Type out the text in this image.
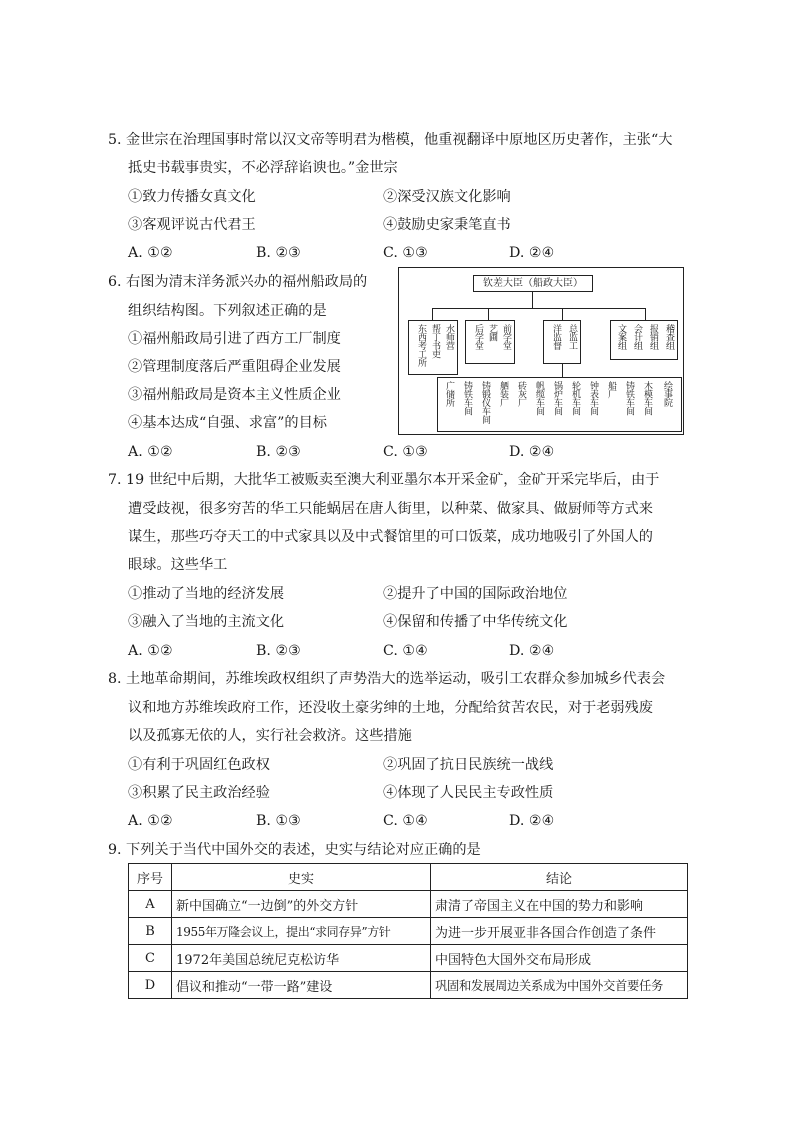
5. 金世宗在治理国事时常以汉文帝等明君为楷模，他重视翻译中原地区历史著作，主张“大
抵史书载事贵实，不必浮辞谄谀也。”金世宗
①致力传播女真文化	②深受汉族文化影响
③客观评说古代君王	④鼓励史家秉笔直书
A. ①②	B. ②③	C. ①③	D. ②④
6. 右图为清末洋务派兴办的福州船政局的
组织结构图。下列叙述正确的是
①福州船政局引进了西方工厂制度
②管理制度落后严重阻碍企业发展
③福州船政局是资本主义性质企业
④基本达成“自强、求富”的目标
A. ①②	B. ②③	C. ①③	D. ②④
钦差大臣（船政大臣）
水师营
帮丁书吏
东西考工所	前学堂
艺圃
后学堂	总监工
洋监督	稽查组
报销组
会计组
文案组
广储所 铸铁车间 铸锻仪车间 舾装厂 砖灰厂 帆缆车间 锅炉车间 轮机车间 钟表车间 船厂 铸铁车间 木模车间 绘事院
7. 19 世纪中后期，大批华工被贩卖至澳大利亚墨尔本开采金矿，金矿开采完毕后，由于
遭受歧视，很多穷苦的华工只能蜗居在唐人街里，以种菜、做家具、做厨师等方式来
谋生，那些巧夺天工的中式家具以及中式餐馆里的可口饭菜，成功地吸引了外国人的
眼球。这些华工
①推动了当地的经济发展	②提升了中国的国际政治地位
③融入了当地的主流文化	④保留和传播了中华传统文化
A. ①②	B. ②③	C. ①④	D. ②④
8. 土地革命期间，苏维埃政权组织了声势浩大的选举运动，吸引工农群众参加城乡代表会
议和地方苏维埃政府工作，还没收土豪劣绅的土地，分配给贫苦农民，对于老弱残废
以及孤寡无依的人，实行社会救济。这些措施
①有利于巩固红色政权	②巩固了抗日民族统一战线
③积累了民主政治经验	④体现了人民民主专政性质
A. ①②	B. ①③	C. ①④	D. ②④
9. 下列关于当代中国外交的表述，史实与结论对应正确的是
序号	史实	结论
A	新中国确立“一边倒”的外交方针	肃清了帝国主义在中国的势力和影响
B	1955年万隆会议上，提出“求同存异”方针	为进一步开展亚非各国合作创造了条件
C	1972年美国总统尼克松访华	中国特色大国外交布局形成
D	倡议和推动“一带一路”建设	巩固和发展周边关系成为中国外交首要任务
